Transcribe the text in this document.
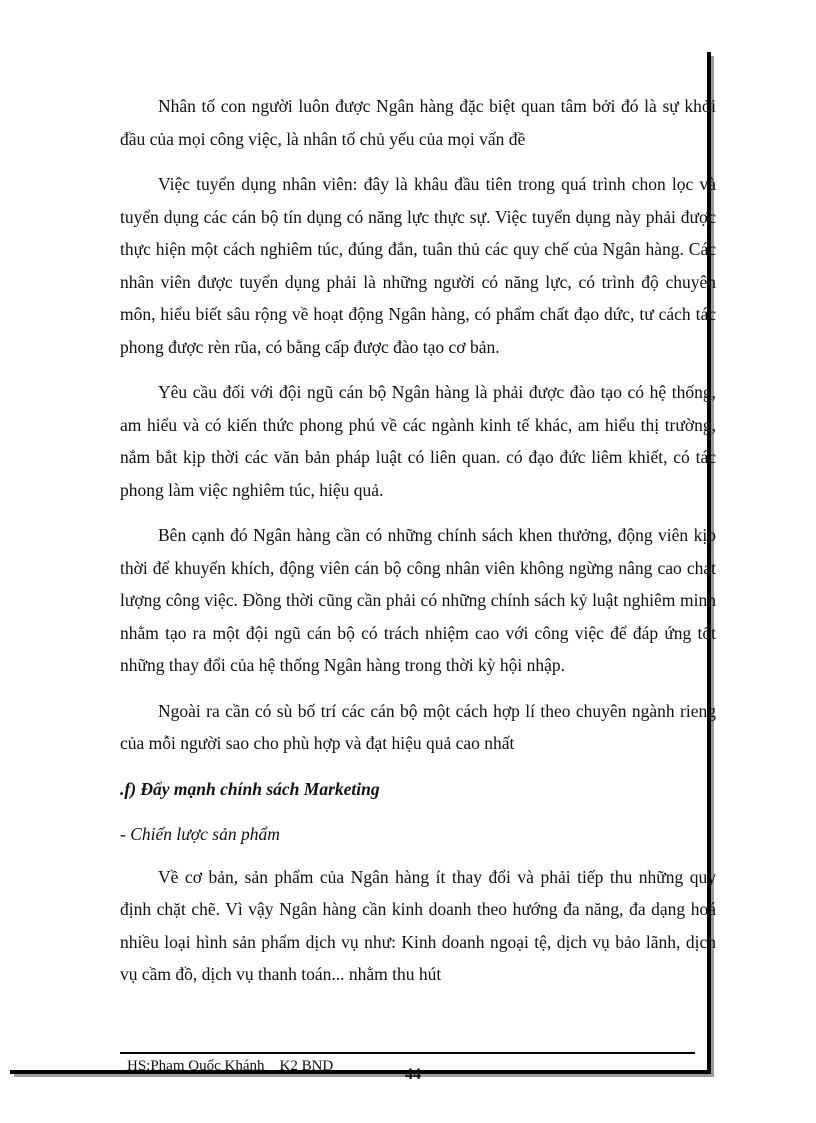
Nhân tố con người luôn được Ngân hàng đặc biệt quan tâm bởi đó là sự khởi đầu của mọi công việc, là nhân tố chủ yếu của mọi vấn đề

Việc tuyển dụng nhân viên: đây là khâu đầu tiên trong quá trình chon lọc và tuyển dụng các cán bộ tín dụng có năng lực thực sự. Việc tuyển dụng này phải được thực hiện một cách nghiêm túc, đúng đắn, tuân thủ các quy chế của Ngân hàng. Các nhân viên được tuyển dụng phải là những người có năng lực, có trình độ chuyên môn, hiểu biết sâu rộng về hoạt động Ngân hàng, có phẩm chất đạo dức, tư cách tác phong được rèn rũa, có bằng cấp được đào tạo cơ bản.

Yêu cầu đối với đội ngũ cán bộ Ngân hàng là phải được đào tạo có hệ thống, am hiểu và có kiến thức phong phú về các ngành kinh tế khác, am hiểu thị trường, nắm bắt kịp thời các văn bản pháp luật có liên quan. có đạo đức liêm khiết, có tác phong làm việc nghiêm túc, hiệu quả.

Bên cạnh đó Ngân hàng cần có những chính sách khen thưởng, động viên kịp thời để khuyến khích, động viên cán bộ công nhân viên không ngừng nâng cao chat lượng công việc. Đồng thời cũng cần phải có những chính sách kỷ luật nghiêm minh nhằm tạo ra một đội ngũ cán bộ có trách nhiệm cao với công việc để đáp ứng tốt những thay đổi của hệ thống Ngân hàng trong thời kỳ hội nhập.

Ngoài ra cần có sù bố trí các cán bộ một cách hợp lí theo chuyên ngành rieng của mỗi người sao cho phù hợp và đạt hiệu quả cao nhất

.f) Đẩy mạnh chính sách Marketing
- Chiến lược sản phẩm

Về cơ bản, sản phẩm của Ngân hàng ít thay đổi và phải tiếp thu những quy định chặt chẽ. Vì vậy Ngân hàng cần kinh doanh theo hướng đa năng, đa dạng hoá nhiều loại hình sản phẩm dịch vụ như: Kinh doanh ngoại tệ, dịch vụ bảo lãnh, dịch vụ cầm đồ, dịch vụ thanh toán... nhằm thu hút

HS:Phạm Quốc Khánh _ K2 BND	44
